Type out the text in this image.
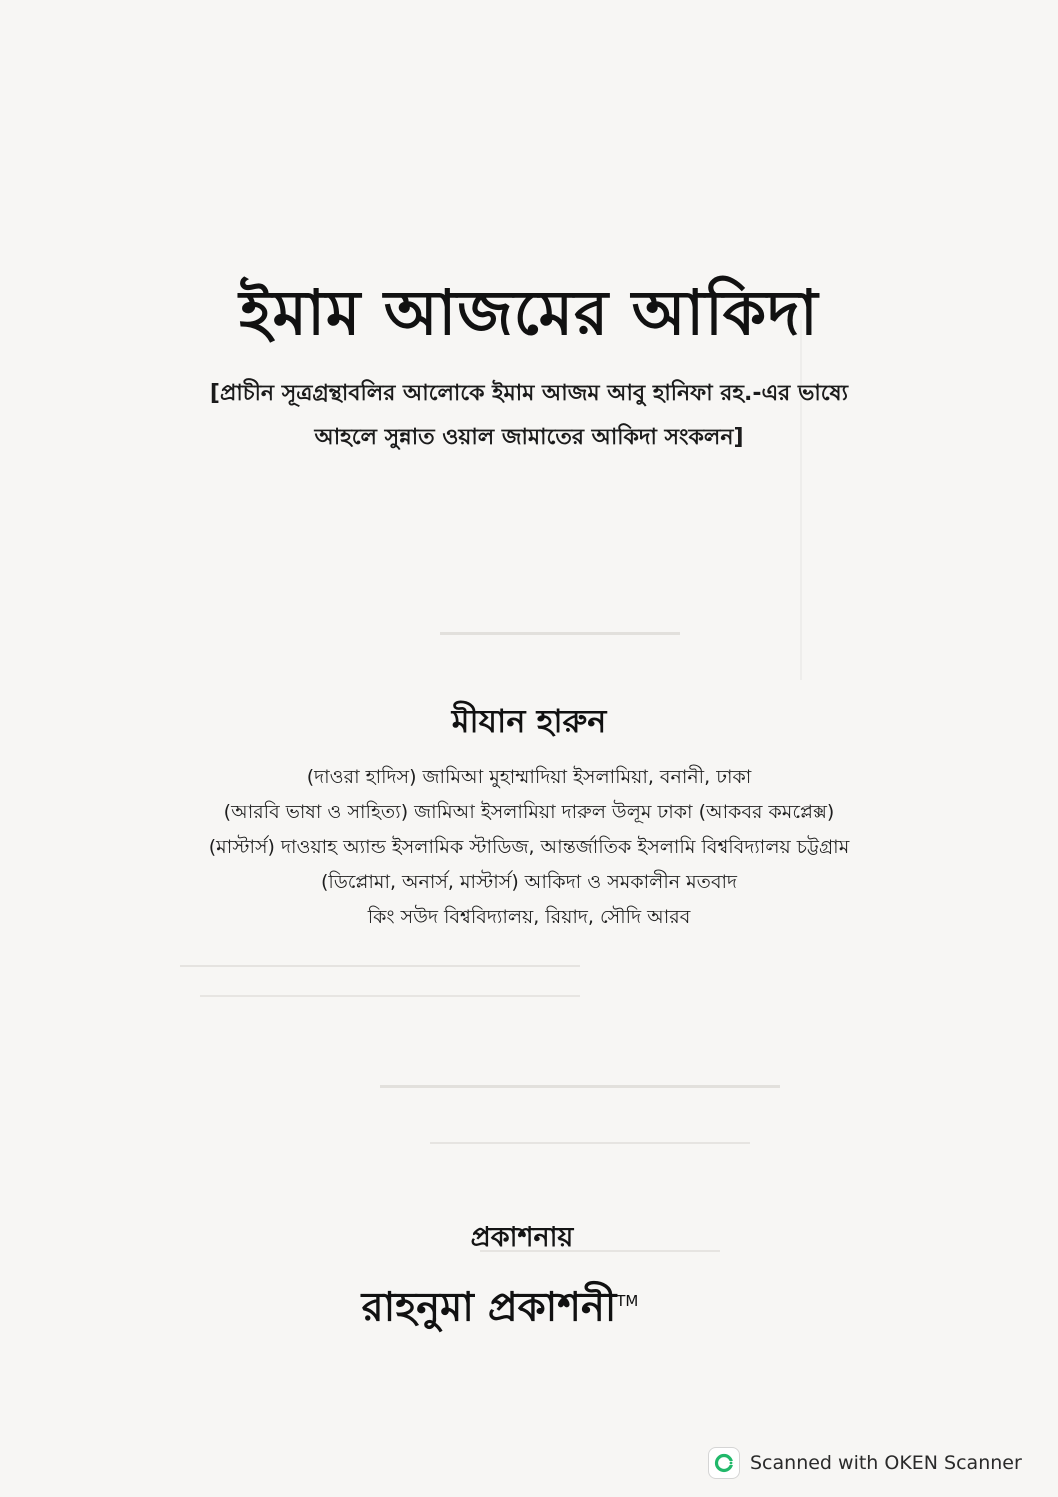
ইমাম আজমের আকিদা
[প্রাচীন সূত্রগ্রন্থাবলির আলোকে ইমাম আজম আবু হানিফা রহ.-এর ভাষ্যে
আহলে সুন্নাত ওয়াল জামাতের আকিদা সংকলন]
মীযান হারুন
(দাওরা হাদিস) জামিআ মুহাম্মাদিয়া ইসলামিয়া, বনানী, ঢাকা
(আরবি ভাষা ও সাহিত্য) জামিআ ইসলামিয়া দারুল উলূম ঢাকা (আকবর কমপ্লেক্স)
(মাস্টার্স) দাওয়াহ অ্যান্ড ইসলামিক স্টাডিজ, আন্তর্জাতিক ইসলামি বিশ্ববিদ্যালয় চট্টগ্রাম
(ডিপ্লোমা, অনার্স, মাস্টার্স) আকিদা ও সমকালীন মতবাদ
কিং সউদ বিশ্ববিদ্যালয়, রিয়াদ, সৌদি আরব
প্রকাশনায়
রাহনুমা প্রকাশনী™
Scanned with OKEN Scanner
